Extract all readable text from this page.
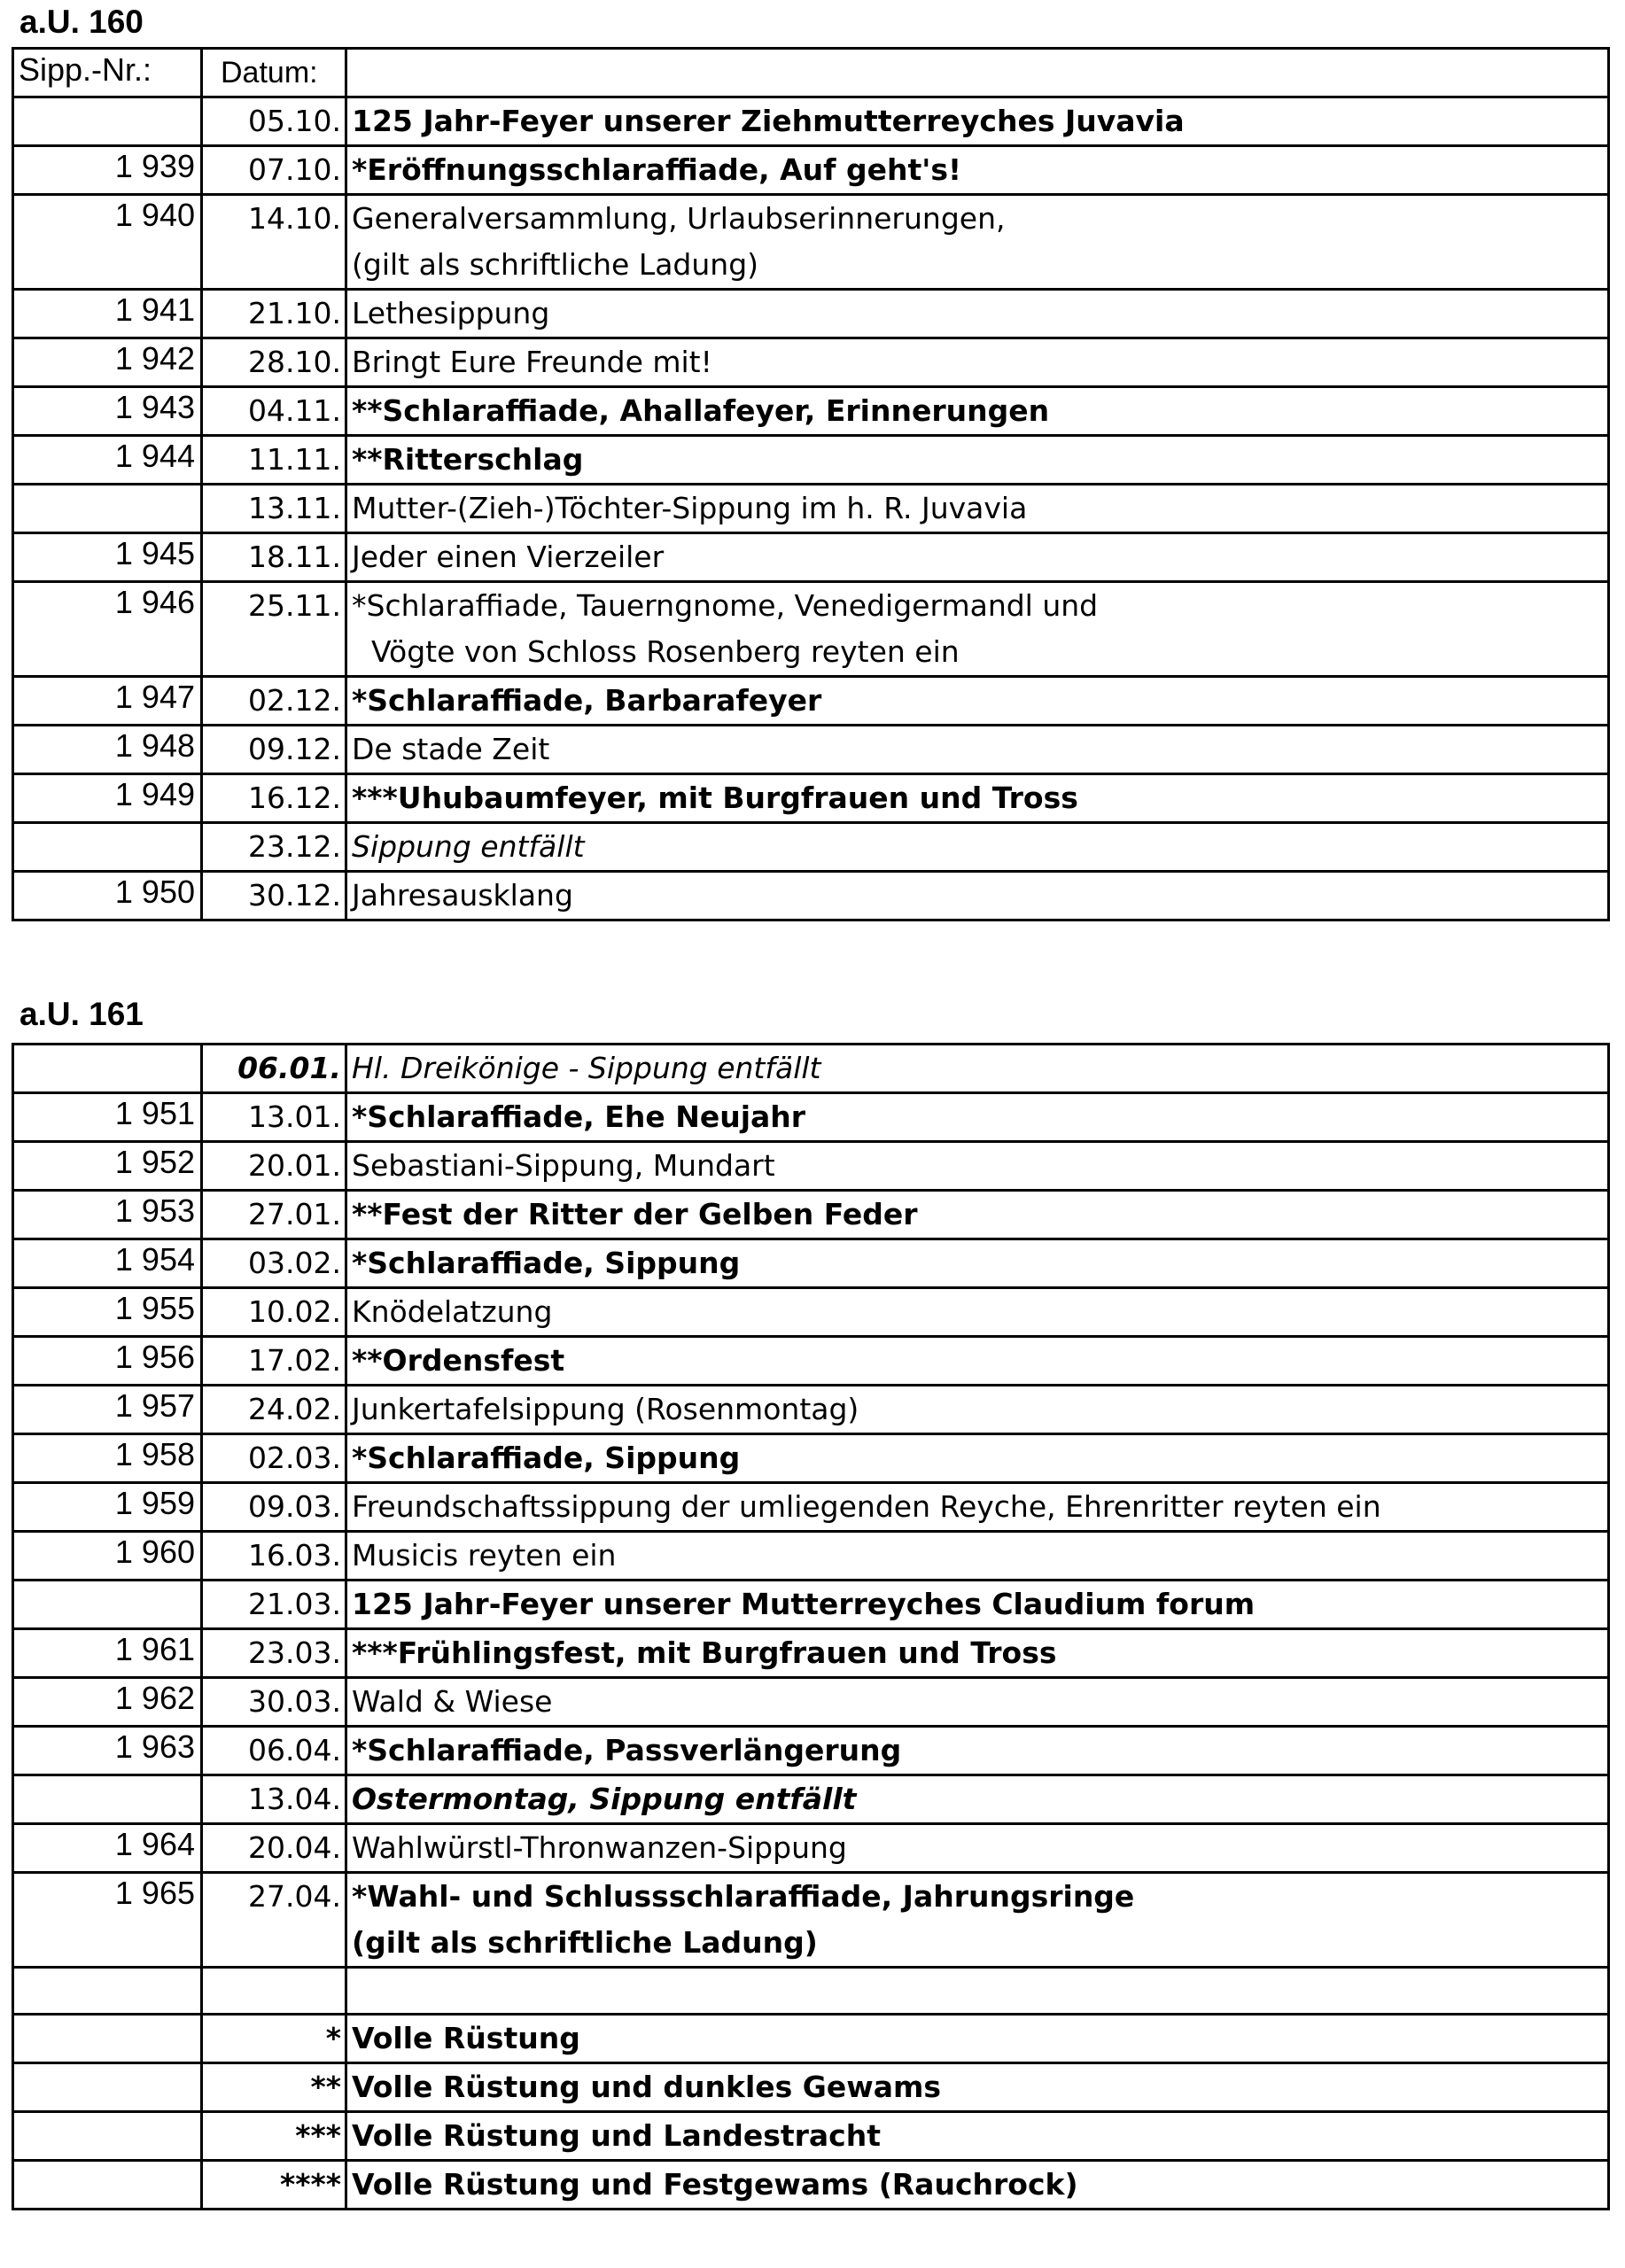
a.U. 160
Sipp.-Nr.:	Datum:	
	05.10.	125 Jahr-Feyer unserer Ziehmutterreyches Juvavia

1 939	07.10.	*Eröffnungsschlaraffiade, Auf geht's!

1 940	14.10.	Generalversammlung, Urlaubserinnerungen,
(gilt als schriftliche Ladung)

1 941	21.10.	Lethesippung

1 942	28.10.	Bringt Eure Freunde mit!

1 943	04.11.	**Schlaraffiade, Ahallafeyer, Erinnerungen

1 944	11.11.	**Ritterschlag

	13.11.	Mutter-(Zieh-)Töchter-Sippung im h. R. Juvavia

1 945	18.11.	Jeder einen Vierzeiler

1 946	25.11.	*Schlaraffiade, Tauerngnome, Venedigermandl und
Vögte von Schloss Rosenberg reyten ein

1 947	02.12.	*Schlaraffiade, Barbarafeyer

1 948	09.12.	De stade Zeit

1 949	16.12.	***Uhubaumfeyer, mit Burgfrauen und Tross

	23.12.	Sippung entfällt

1 950	30.12.	Jahresausklang
a.U. 161
	06.01.	Hl. Dreikönige - Sippung entfällt

1 951	13.01.	*Schlaraffiade, Ehe Neujahr

1 952	20.01.	Sebastiani-Sippung, Mundart

1 953	27.01.	**Fest der Ritter der Gelben Feder

1 954	03.02.	*Schlaraffiade, Sippung

1 955	10.02.	Knödelatzung

1 956	17.02.	**Ordensfest

1 957	24.02.	Junkertafelsippung (Rosenmontag)

1 958	02.03.	*Schlaraffiade, Sippung

1 959	09.03.	Freundschaftssippung der umliegenden Reyche, Ehrenritter reyten ein

1 960	16.03.	Musicis reyten ein

	21.03.	125 Jahr-Feyer unserer Mutterreyches Claudium forum

1 961	23.03.	***Frühlingsfest, mit Burgfrauen und Tross

1 962	30.03.	Wald & Wiese

1 963	06.04.	*Schlaraffiade, Passverlängerung

	13.04.	Ostermontag, Sippung entfällt

1 964	20.04.	Wahlwürstl-Thronwanzen-Sippung

1 965	27.04.	*Wahl- und Schlussschlaraffiade, Jahrungsringe
(gilt als schriftliche Ladung)

	*	Volle Rüstung
	**	Volle Rüstung und dunkles Gewams
	***	Volle Rüstung und Landestracht
	****	Volle Rüstung und Festgewams (Rauchrock)
